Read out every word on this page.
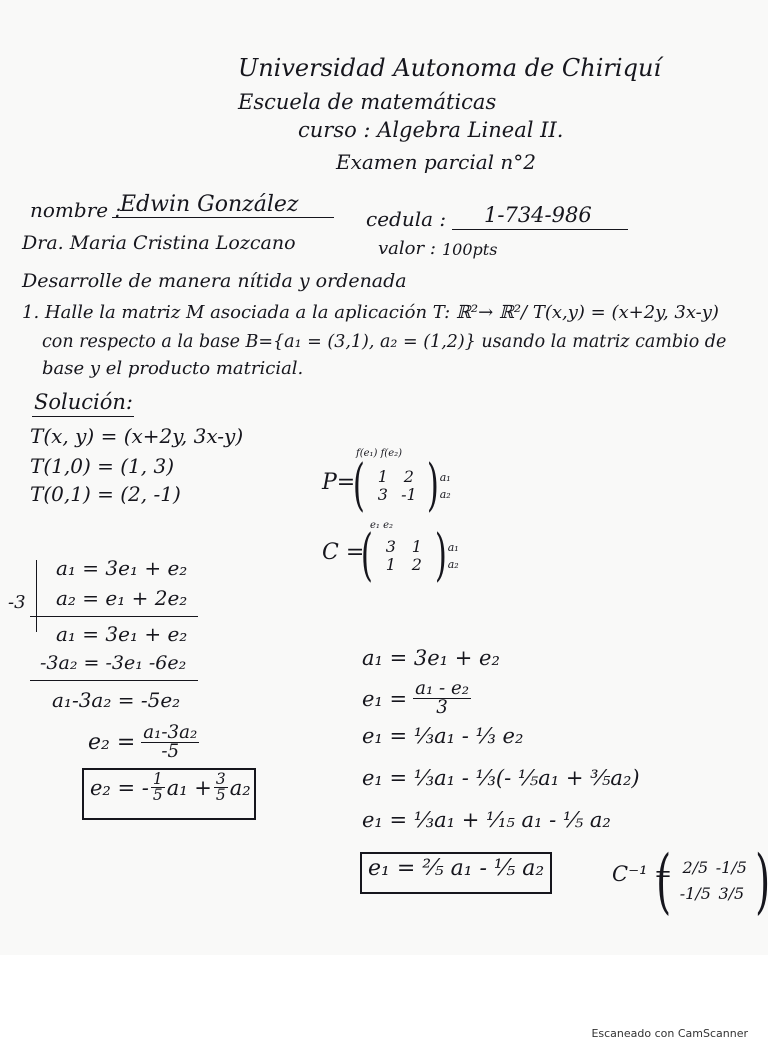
Universidad Autonoma de Chiriquí
Escuela de matemáticas
curso : Algebra Lineal II.
Examen parcial n°2
nombre :
Edwin González
cedula : 1-734-986
Dra. Maria Cristina Lozcano	valor : 100pts
Desarrolle de manera nítida y ordenada
1. Halle la matriz M asociada a la aplicación T: ℝ²→ ℝ²/ T(x,y) = (x+2y, 3x-y)
con respecto a la base B={a₁ = (3,1), a₂ = (1,2)} usando la matriz cambio de
base y el producto matricial.
Solución:
T(x, y) = (x+2y, 3x-y)
T(1,0) = (1, 3)
T(0,1) = (2, -1)
f(e₁) f(e₂)
P=
( 1 2
3 -1 ) a₁
a₂
e₁ e₂
C =
( 3 1
1 2 ) a₁
a₂
a₁ = 3e₁ + e₂
-3 a₂ = e₁ + 2e₂
a₁ = 3e₁ + e₂
-3a₂ = -3e₁ -6e₂
a₁-3a₂ = -5e₂
$e_2 = \frac{\text{a₁-3a₂}}{-5}$
e₂ = - $\frac{1}{5} a_1 + \frac{3}{5} a_2$
a₁ = 3e₁ + e₂
$e_1 = \frac{\text{a₁ - e₂}}{3}$
e₁ = ⅓a₁ - ⅓ e₂
e₁ = ⅓a₁ - ⅓(- ⅕a₁ + ³⁄₅a₂)
e₁ = ⅓a₁ + ¹⁄₁₅ a₁ - ⅕ a₂
e₁ = ²⁄₅ a₁ - ⅕ a₂	C⁻¹ =
( 2/5 -1/5
-1/5 3/5 )
Escaneado con CamScanner
